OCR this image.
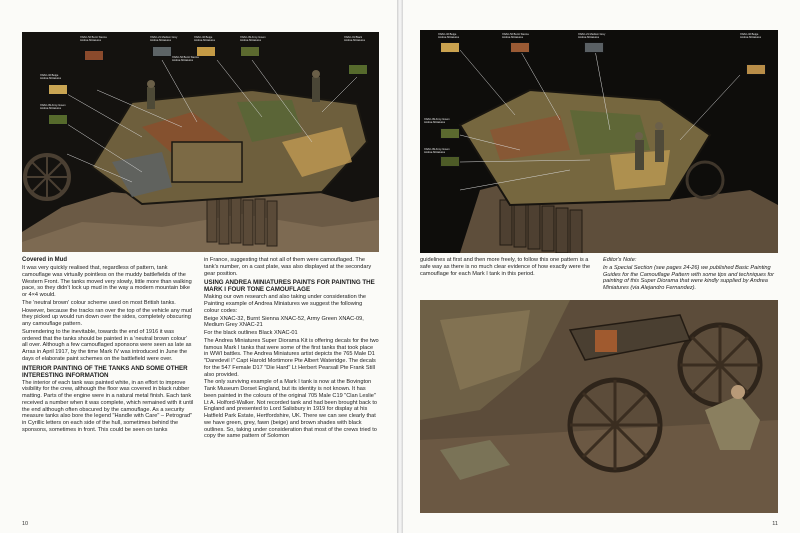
XNAC-52 Burnt Sienna
Andrea Miniatures
XNAC-21 Medium Grey
Andrea Miniatures
XNAC-32 Beige
Andrea Miniatures
XNAC-09 Army Green
Andrea Miniatures
XNAC-01 Black
Andrea Miniatures
XNAC-32 Beige
Andrea Miniatures
XNAC-09 Army Green
Andrea Miniatures
XNAC-52 Burnt Sienna
Andrea Miniatures
Covered in Mud

It was very quickly realised that, regardless of pattern, tank camouflage was virtually pointless on the muddy battlefields of the Western Front. The tanks moved very slowly, little more than walking pace, so they didn't lock up mud in the way a modern mountain bike or 4×4 would.

The 'neutral brown' colour scheme used on most British tanks.

However, because the tracks ran over the top of the vehicle any mud they picked up would run down over the sides, completely obscuring any camouflage pattern.

Surrendering to the inevitable, towards the end of 1916 it was ordered that the tanks should be painted in a 'neutral brown colour' all over. Although a few camouflaged sponsons were seen as late as Arras in April 1917, by the time Mark IV was introduced in June the days of elaborate paint schemes on the battlefield were over.

INTERIOR PAINTING OF THE TANKS AND SOME OTHER INTERESTING INFORMATION

The interior of each tank was painted white, in an effort to improve visibility for the crew, although the floor was covered in black rubber matting. Parts of the engine were in a natural metal finish. Each tank received a number when it was complete, which remained with it until the end although often obscured by the camouflage. As a security measure tanks also bore the legend "Handle with Care" – Petrograd" in Cyrillic letters on each side of the hull, sometimes behind the sponsons, sometimes in front. This could be seen on tanks

in France, suggesting that not all of them were camouflaged. The tank's number, on a cast plate, was also displayed at the secondary gear position.

USING ANDREA MINIATURES PAINTS FOR PAINTING THE MARK I FOUR TONE CAMOUFLAGE

Making our own research and also taking under consideration the Painting example of Andrea Miniatures we suggest the following colour codes:

Beige XNAC-32, Burnt Sienna XNAC-52, Army Green XNAC-09, Medium Grey XNAC-21

For the black outlines Black XNAC-01

The Andrea Miniatures Super Diorama Kit is offering decals for the two famous Mark I tanks that were some of the first tanks that took place in WWI battles. The Andrea Miniatures artist depicts the 765 Male D1 "Daredevil I" Capt Harold Mortimore Pte Albert Wateridge. The decals for the 547 Female D17 "Die Hard" Lt Herbert Pearsall Pte Frank Still also provided.

The only surviving example of a Mark I tank is now at the Bovington Tank Museum Dorset England, but its identity is not known. It has been painted in the colours of the original 705 Male C19 "Clan Leslie" Lt A. Holford-Walker. Not recorded tank and had been brought back to England and presented to Lord Salisbury in 1919 for display at his Hatfield Park Estate, Hertfordshire, UK. There we can see clearly that we have green, grey, fawn (beige) and brown shades with black outlines. So, taking under consideration that most of the crews tried to copy the same pattern of Solomon

10
XNAC-32 Beige
Andrea Miniatures
XNAC-52 Burnt Sienna
Andrea Miniatures
XNAC-21 Medium Grey
Andrea Miniatures
XNAC-32 Beige
Andrea Miniatures
XNAC-09 Army Green
Andrea Miniatures
XNAC-09 Army Green
Andrea Miniatures

guidelines at first and then more freely, to follow this one pattern is a safe way as there is no much clear evidence of how exactly were the camouflage for each Mark I tank in this period.

Editor's Note:

In a Special Section (see pages 24-26) we published Basic Painting Guides for the Camouflage Pattern with some tips and techniques for painting of this Super Diorama that were kindly supplied by Andrea Miniatures (via Alejandro Fernandez).

11
